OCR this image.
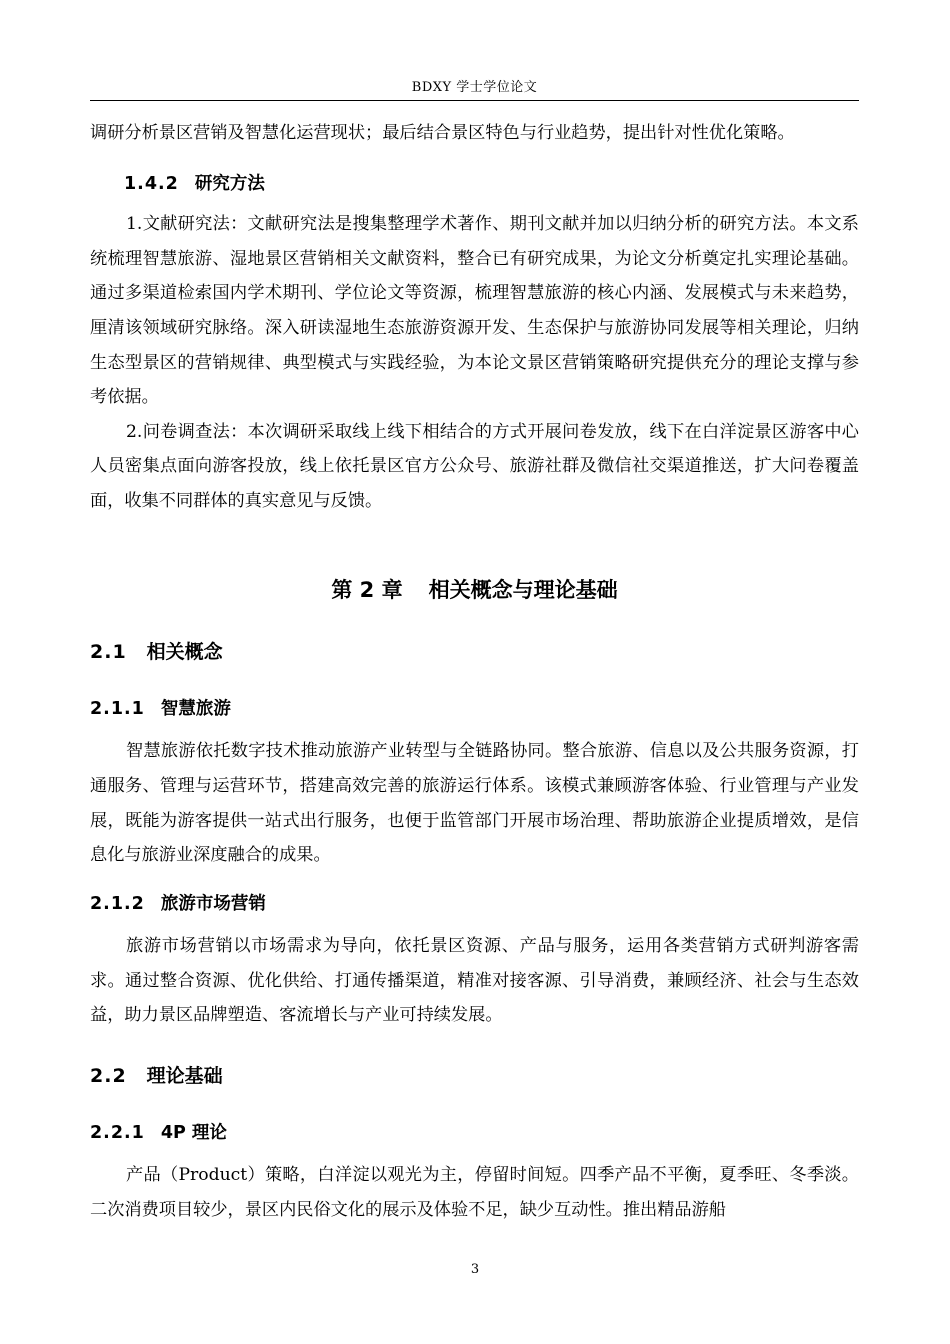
BDXY 学士学位论文

调研分析景区营销及智慧化运营现状；最后结合景区特色与行业趋势，提出针对性优化策略。

1.4.2 研究方法

1.文献研究法：文献研究法是搜集整理学术著作、期刊文献并加以归纳分析的研究方法。本文系统梳理智慧旅游、湿地景区营销相关文献资料，整合已有研究成果，为论文分析奠定扎实理论基础。通过多渠道检索国内学术期刊、学位论文等资源，梳理智慧旅游的核心内涵、发展模式与未来趋势，厘清该领域研究脉络。深入研读湿地生态旅游资源开发、生态保护与旅游协同发展等相关理论，归纳生态型景区的营销规律、典型模式与实践经验，为本论文景区营销策略研究提供充分的理论支撑与参考依据。

2.问卷调查法：本次调研采取线上线下相结合的方式开展问卷发放，线下在白洋淀景区游客中心人员密集点面向游客投放，线上依托景区官方公众号、旅游社群及微信社交渠道推送，扩大问卷覆盖面，收集不同群体的真实意见与反馈。

第 2 章 相关概念与理论基础
2.1 相关概念
2.1.1 智慧旅游

智慧旅游依托数字技术推动旅游产业转型与全链路协同。整合旅游、信息以及公共服务资源，打通服务、管理与运营环节，搭建高效完善的旅游运行体系。该模式兼顾游客体验、行业管理与产业发展，既能为游客提供一站式出行服务，也便于监管部门开展市场治理、帮助旅游企业提质增效，是信息化与旅游业深度融合的成果。

2.1.2 旅游市场营销

旅游市场营销以市场需求为导向，依托景区资源、产品与服务，运用各类营销方式研判游客需求。通过整合资源、优化供给、打通传播渠道，精准对接客源、引导消费，兼顾经济、社会与生态效益，助力景区品牌塑造、客流增长与产业可持续发展。

2.2 理论基础
2.2.1 4P 理论

产品（Product）策略，白洋淀以观光为主，停留时间短。四季产品不平衡，夏季旺、冬季淡。二次消费项目较少，景区内民俗文化的展示及体验不足，缺少互动性。推出精品游船

3
